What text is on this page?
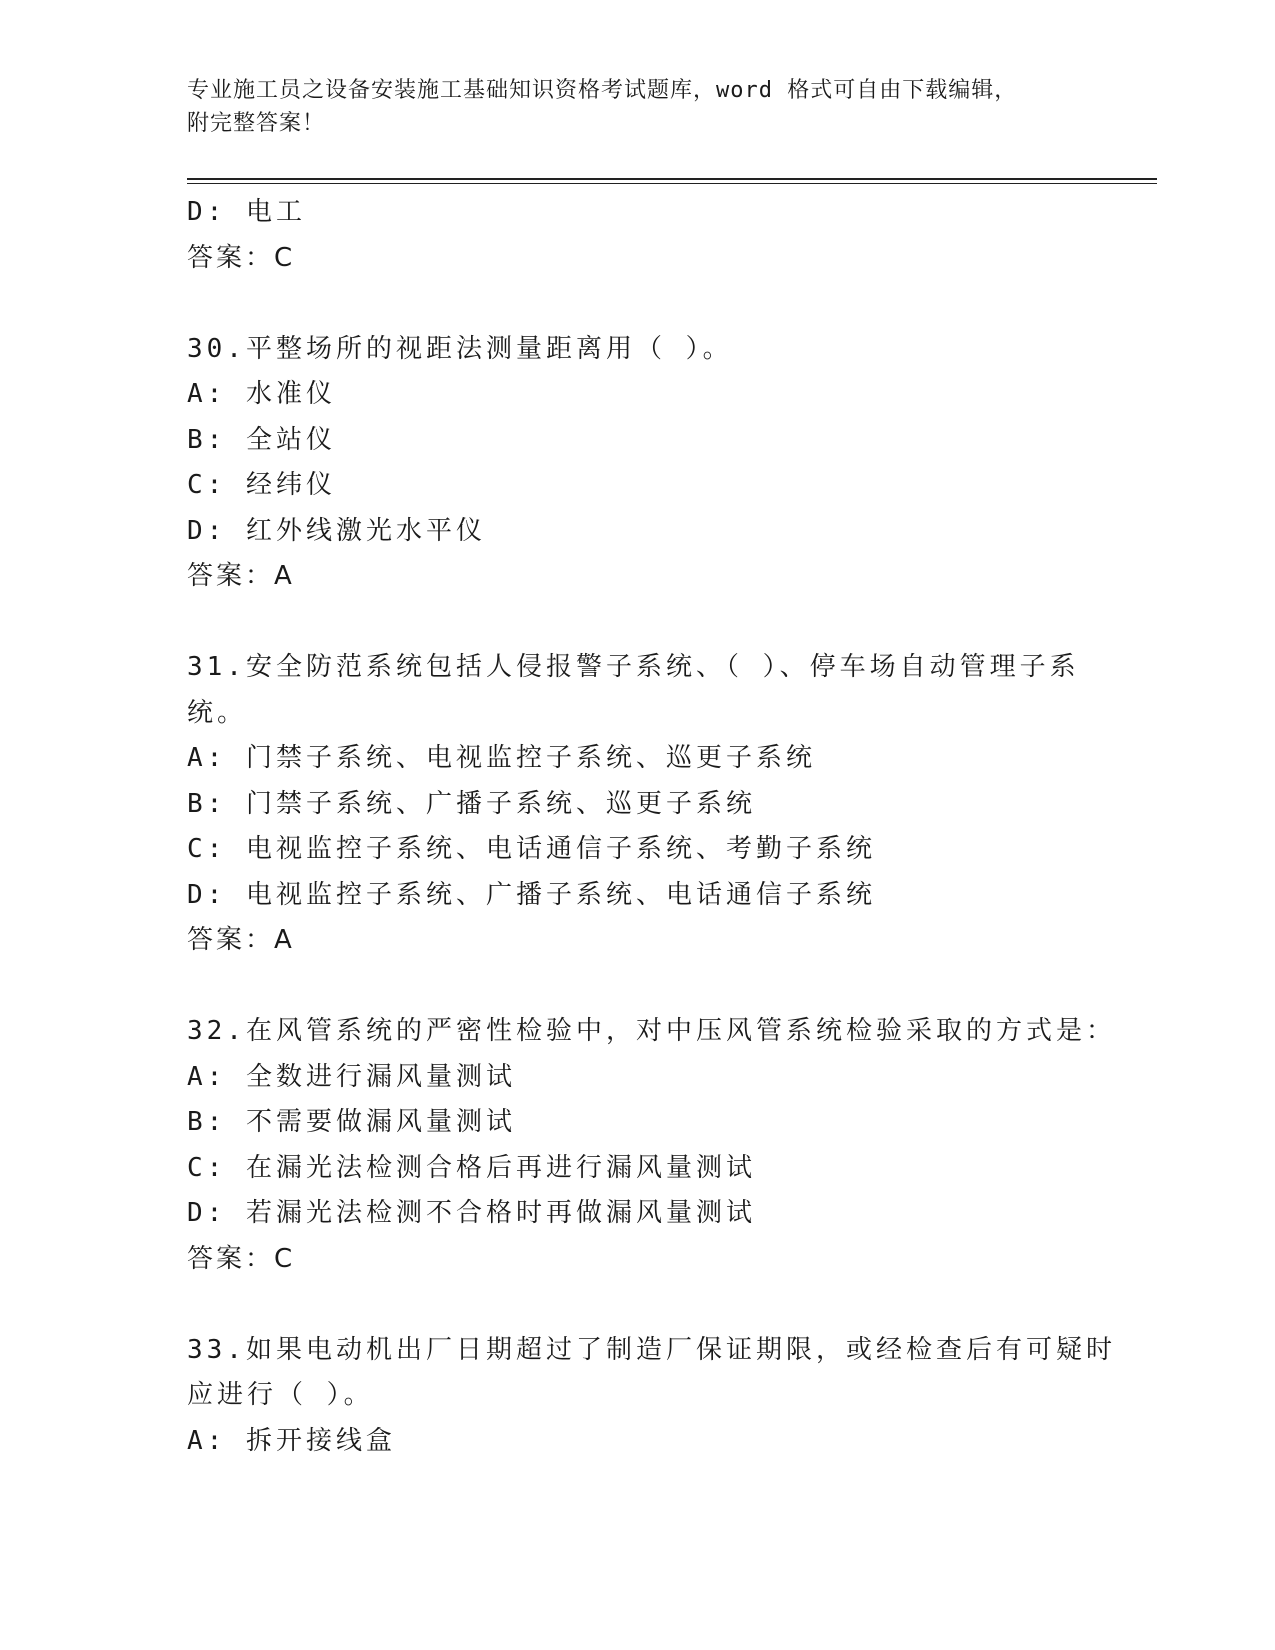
专业施工员之设备安装施工基础知识资格考试题库，word 格式可自由下载编辑，
附完整答案！
D: 电工
答案：C
30.平整场所的视距法测量距离用（ ）。
A: 水准仪
B: 全站仪
C: 经纬仪
D: 红外线激光水平仪
答案：A
31.安全防范系统包括人侵报警子系统、（ ）、停车场自动管理子系
统。
A: 门禁子系统、电视监控子系统、巡更子系统
B: 门禁子系统、广播子系统、巡更子系统
C: 电视监控子系统、电话通信子系统、考勤子系统
D: 电视监控子系统、广播子系统、电话通信子系统
答案：A
32.在风管系统的严密性检验中，对中压风管系统检验采取的方式是：
A: 全数进行漏风量测试
B: 不需要做漏风量测试
C: 在漏光法检测合格后再进行漏风量测试
D: 若漏光法检测不合格时再做漏风量测试
答案：C
33.如果电动机出厂日期超过了制造厂保证期限，或经检查后有可疑时
应进行（ ）。
A: 拆开接线盒
